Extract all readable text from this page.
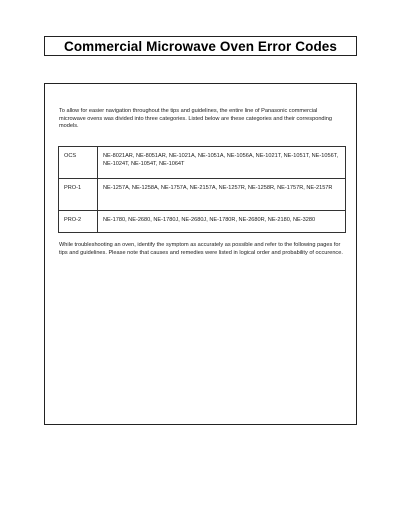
Commercial Microwave Oven Error Codes

To allow for easier navigation throughout the tips and guidelines, the entire line of Panasonic commercial microwave ovens was divided into three categories. Listed below are these categories and their corresponding models.

OCS	NE-8021AR, NE-8051AR, NE-1021A, NE-1051A, NE-1056A, NE-1021T, NE-1051T, NE-1056T, NE-1024T, NE-1054T, NE-1064T
PRO-1	NE-1257A, NE-1258A, NE-1757A, NE-2157A, NE-1257R, NE-1258R, NE-1757R, NE-2157R
PRO-2	NE-1780, NE-2680, NE-1780J, NE-2680J, NE-1780R, NE-2680R, NE-2180, NE-3280

While troubleshooting an oven, identify the symptom as accurately as possible and refer to the following pages for tips and guidelines. Please note that causes and remedies were listed in logical order and probability of occurence.
